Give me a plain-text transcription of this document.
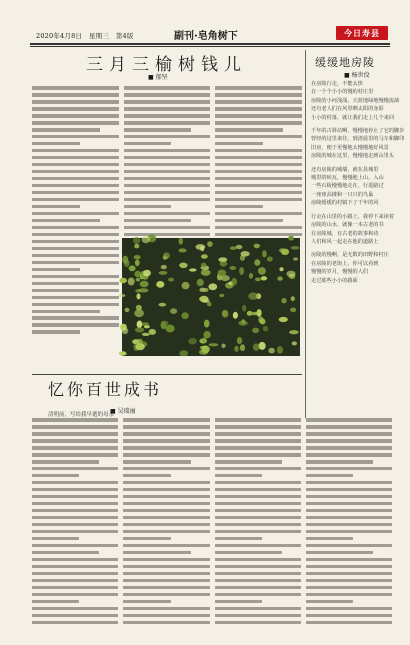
2020年4月8日 星期三 第4版	副刊·皂角树下	今日寿县
三月三榆树钱儿
■ 郁坚
忆你百世成书
■ 吴瑞丽
清明前，写给我早逝的母亲
缓缓地房陵
■ 杨世佼
在房陵行走，不能太快
在一个个小小的慢的村庄里
房陵的小河浅浅，天蓝地绿地慢慢流淌
还有老人们在风里晒太阳的身影
小小的村落，就让我们走上几个来回
千年的古驿站啊，慢慢地停止了它的脚步
曾经的这里来往，到清晨里的马车和脚印
旧房，便于更慢地太慢慢地好风景
房陵的城在这里，慢慢地走到山里头
还有房陵的城墙，就在县城里
城里的砖瓦，慢慢地上山，入山
一些石板慢慢地走在，行进路过
一座座高楼和一只只的鸟巢
房陵缓缓的村镇下了千年的风
行走在山里的小路上，我停下来读着
房陵的山水，就像一本古老的书
在房陵城，有古老的故事和诗
人们和风一起走在他的道路上
房陵的慢啊，是无数的田野和村庄
在房陵的老街上，你可以看到
慢慢的岁月，慢慢的人们
走过那些小小的路面
